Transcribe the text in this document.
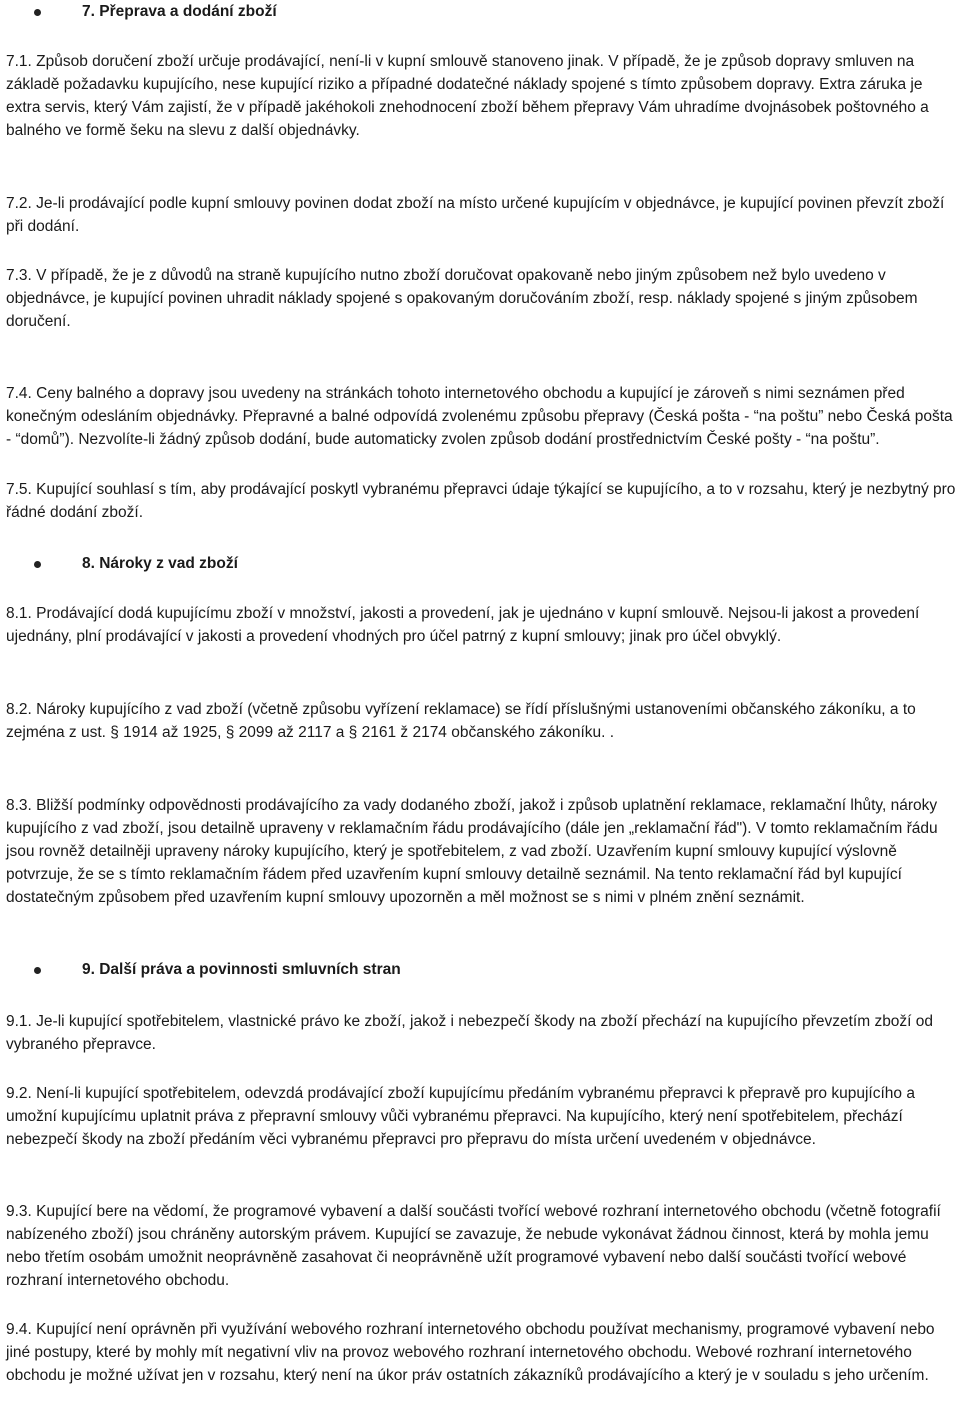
7. Přeprava a dodání zboží

7.1. Způsob doručení zboží určuje prodávající, není-li v kupní smlouvě stanoveno jinak. V případě, že je způsob dopravy smluven na základě požadavku kupujícího, nese kupující riziko a případné dodatečné náklady spojené s tímto způsobem dopravy. Extra záruka je extra servis, který Vám zajistí, že v případě jakéhokoli znehodnocení zboží během přepravy Vám uhradíme dvojnásobek poštovného a balného ve formě šeku na slevu z další objednávky.

7.2. Je-li prodávající podle kupní smlouvy povinen dodat zboží na místo určené kupujícím v objednávce, je kupující povinen převzít zboží při dodání.

7.3. V případě, že je z důvodů na straně kupujícího nutno zboží doručovat opakovaně nebo jiným způsobem než bylo uvedeno v objednávce, je kupující povinen uhradit náklady spojené s opakovaným doručováním zboží, resp. náklady spojené s jiným způsobem doručení.

7.4. Ceny balného a dopravy jsou uvedeny na stránkách tohoto internetového obchodu a kupující je zároveň s nimi seznámen před konečným odesláním objednávky. Přepravné a balné odpovídá zvolenému způsobu přepravy (Česká pošta - “na poštu” nebo Česká pošta - “domů”). Nezvolíte-li žádný způsob dodání, bude automaticky zvolen způsob dodání prostřednictvím České pošty - “na poštu”.

7.5. Kupující souhlasí s tím, aby prodávající poskytl vybranému přepravci údaje týkající se kupujícího, a to v rozsahu, který je nezbytný pro řádné dodání zboží.

8. Nároky z vad zboží

8.1. Prodávající dodá kupujícímu zboží v množství, jakosti a provedení, jak je ujednáno v kupní smlouvě. Nejsou-li jakost a provedení ujednány, plní prodávající v jakosti a provedení vhodných pro účel patrný z kupní smlouvy; jinak pro účel obvyklý.

8.2. Nároky kupujícího z vad zboží (včetně způsobu vyřízení reklamace) se řídí příslušnými ustanoveními občanského zákoníku, a to zejména z ust. § 1914 až 1925, § 2099 až 2117 a § 2161 ž 2174 občanského zákoníku. .

8.3. Bližší podmínky odpovědnosti prodávajícího za vady dodaného zboží, jakož i způsob uplatnění reklamace, reklamační lhůty, nároky kupujícího z vad zboží, jsou detailně upraveny v reklamačním řádu prodávajícího (dále jen „reklamační řád"). V tomto reklamačním řádu jsou rovněž detailněji upraveny nároky kupujícího, který je spotřebitelem, z vad zboží. Uzavřením kupní smlouvy kupující výslovně potvrzuje, že se s tímto reklamačním řádem před uzavřením kupní smlouvy detailně seznámil. Na tento reklamační řád byl kupující dostatečným způsobem před uzavřením kupní smlouvy upozorněn a měl možnost se s nimi v plném znění seznámit.

9. Další práva a povinnosti smluvních stran

9.1. Je-li kupující spotřebitelem, vlastnické právo ke zboží, jakož i nebezpečí škody na zboží přechází na kupujícího převzetím zboží od vybraného přepravce.

9.2. Není-li kupující spotřebitelem, odevzdá prodávající zboží kupujícímu předáním vybranému přepravci k přepravě pro kupujícího a umožní kupujícímu uplatnit práva z přepravní smlouvy vůči vybranému přepravci. Na kupujícího, který není spotřebitelem, přechází nebezpečí škody na zboží předáním věci vybranému přepravci pro přepravu do místa určení uvedeném v objednávce.

9.3. Kupující bere na vědomí, že programové vybavení a další součásti tvořící webové rozhraní internetového obchodu (včetně fotografií nabízeného zboží) jsou chráněny autorským právem. Kupující se zavazuje, že nebude vykonávat žádnou činnost, která by mohla jemu nebo třetím osobám umožnit neoprávněně zasahovat či neoprávněně užít programové vybavení nebo další součásti tvořící webové rozhraní internetového obchodu.

9.4. Kupující není oprávněn při využívání webového rozhraní internetového obchodu používat mechanismy, programové vybavení nebo jiné postupy, které by mohly mít negativní vliv na provoz webového rozhraní internetového obchodu. Webové rozhraní internetového obchodu je možné užívat jen v rozsahu, který není na úkor práv ostatních zákazníků prodávajícího a který je v souladu s jeho určením.
